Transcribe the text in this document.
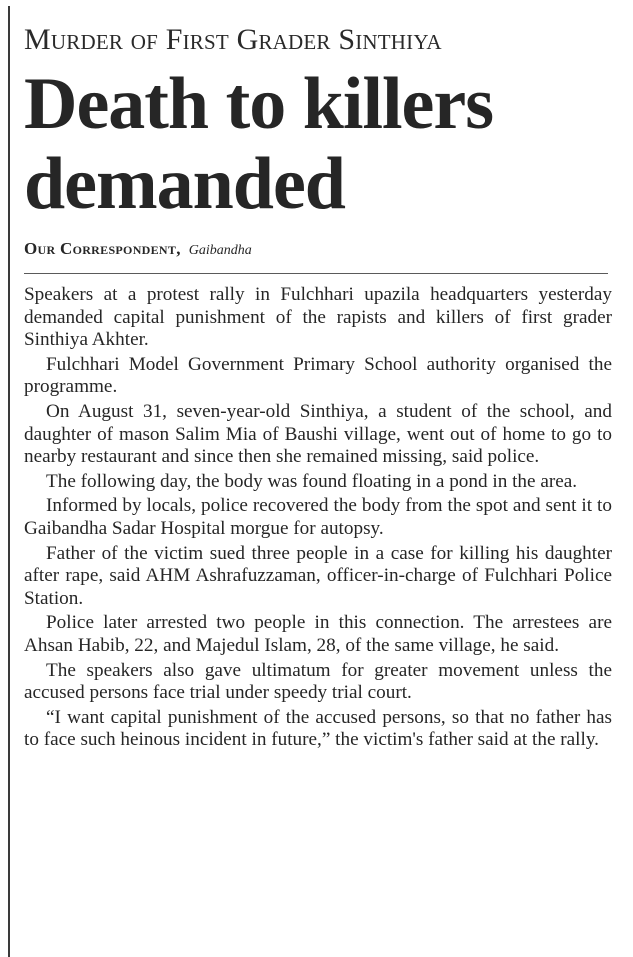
Murder of First Grader Sinthiya
Death to killers demanded
Our Correspondent, Gaibandha

Speakers at a protest rally in Fulchhari upazila headquarters yesterday demanded capital punishment of the rapists and killers of first grader Sinthiya Akhter.

Fulchhari Model Government Primary School authority organised the programme.

On August 31, seven-year-old Sinthiya, a student of the school, and daughter of mason Salim Mia of Baushi village, went out of home to go to nearby restaurant and since then she remained missing, said police.

The following day, the body was found floating in a pond in the area.

Informed by locals, police recovered the body from the spot and sent it to Gaibandha Sadar Hospital morgue for autopsy.

Father of the victim sued three people in a case for killing his daughter after rape, said AHM Ashrafuzzaman, officer-in-charge of Fulchhari Police Station.

Police later arrested two people in this connection. The arrestees are Ahsan Habib, 22, and Majedul Islam, 28, of the same village, he said.

The speakers also gave ultimatum for greater movement unless the accused persons face trial under speedy trial court.

“I want capital punishment of the accused persons, so that no father has to face such heinous incident in future,” the victim's father said at the rally.
